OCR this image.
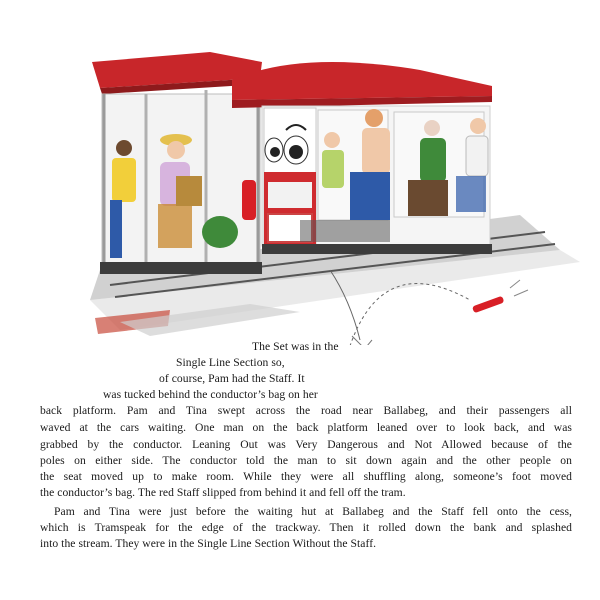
The Set was in the
Single Line Section so,
of course, Pam had the Staff. It
was tucked behind the conductor’s bag on her
back platform. Pam and Tina swept across the road near Ballabeg, and their passengers all
waved at the cars waiting. One man on the back platform leaned over to look back, and was
grabbed by the conductor. Leaning Out was Very Dangerous and Not Allowed because of the
poles on either side. The conductor told the man to sit down again and the other people on
the seat moved up to make room. While they were all shuffling along, someone’s foot moved
the conductor’s bag. The red Staff slipped from behind it and fell off the tram.
Pam and Tina were just before the waiting hut at Ballabeg and the Staff fell onto the cess,
which is Tramspeak for the edge of the trackway. Then it rolled down the bank and splashed
into the stream. They were in the Single Line Section Without the Staff.
